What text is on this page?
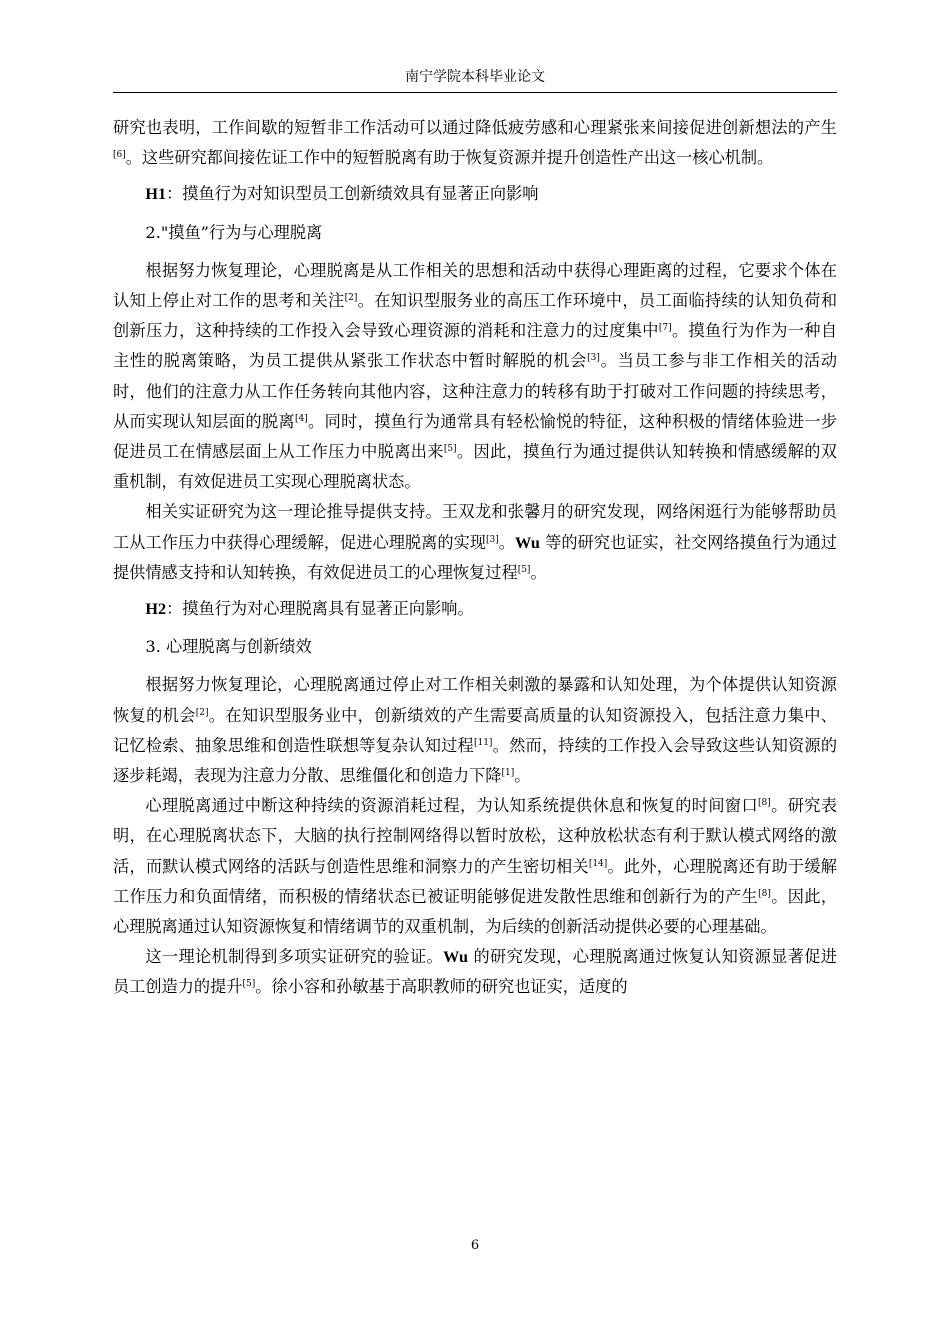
南宁学院本科毕业论文

研究也表明，工作间歇的短暂非工作活动可以通过降低疲劳感和心理紧张来间接促进创新想法的产生[6]。这些研究都间接佐证工作中的短暂脱离有助于恢复资源并提升创造性产出这一核心机制。

H1：摸鱼行为对知识型员工创新绩效具有显著正向影响

2."摸鱼”行为与心理脱离

根据努力恢复理论，心理脱离是从工作相关的思想和活动中获得心理距离的过程，它要求个体在认知上停止对工作的思考和关注[2]。在知识型服务业的高压工作环境中，员工面临持续的认知负荷和创新压力，这种持续的工作投入会导致心理资源的消耗和注意力的过度集中[7]。摸鱼行为作为一种自主性的脱离策略，为员工提供从紧张工作状态中暂时解脱的机会[3]。当员工参与非工作相关的活动时，他们的注意力从工作任务转向其他内容，这种注意力的转移有助于打破对工作问题的持续思考，从而实现认知层面的脱离[4]。同时，摸鱼行为通常具有轻松愉悦的特征，这种积极的情绪体验进一步促进员工在情感层面上从工作压力中脱离出来[5]。因此，摸鱼行为通过提供认知转换和情感缓解的双重机制，有效促进员工实现心理脱离状态。

相关实证研究为这一理论推导提供支持。王双龙和张馨月的研究发现，网络闲逛行为能够帮助员工从工作压力中获得心理缓解，促进心理脱离的实现[3]。Wu 等的研究也证实，社交网络摸鱼行为通过提供情感支持和认知转换，有效促进员工的心理恢复过程[5]。

H2：摸鱼行为对心理脱离具有显著正向影响。

3. 心理脱离与创新绩效

根据努力恢复理论，心理脱离通过停止对工作相关刺激的暴露和认知处理，为个体提供认知资源恢复的机会[2]。在知识型服务业中，创新绩效的产生需要高质量的认知资源投入，包括注意力集中、记忆检索、抽象思维和创造性联想等复杂认知过程[11]。然而，持续的工作投入会导致这些认知资源的逐步耗竭，表现为注意力分散、思维僵化和创造力下降[1]。

心理脱离通过中断这种持续的资源消耗过程，为认知系统提供休息和恢复的时间窗口[8]。研究表明，在心理脱离状态下，大脑的执行控制网络得以暂时放松，这种放松状态有利于默认模式网络的激活，而默认模式网络的活跃与创造性思维和洞察力的产生密切相关[14]。此外，心理脱离还有助于缓解工作压力和负面情绪，而积极的情绪状态已被证明能够促进发散性思维和创新行为的产生[8]。因此，心理脱离通过认知资源恢复和情绪调节的双重机制，为后续的创新活动提供必要的心理基础。

这一理论机制得到多项实证研究的验证。Wu 的研究发现，心理脱离通过恢复认知资源显著促进员工创造力的提升[5]。徐小容和孙敏基于高职教师的研究也证实，适度的

6
